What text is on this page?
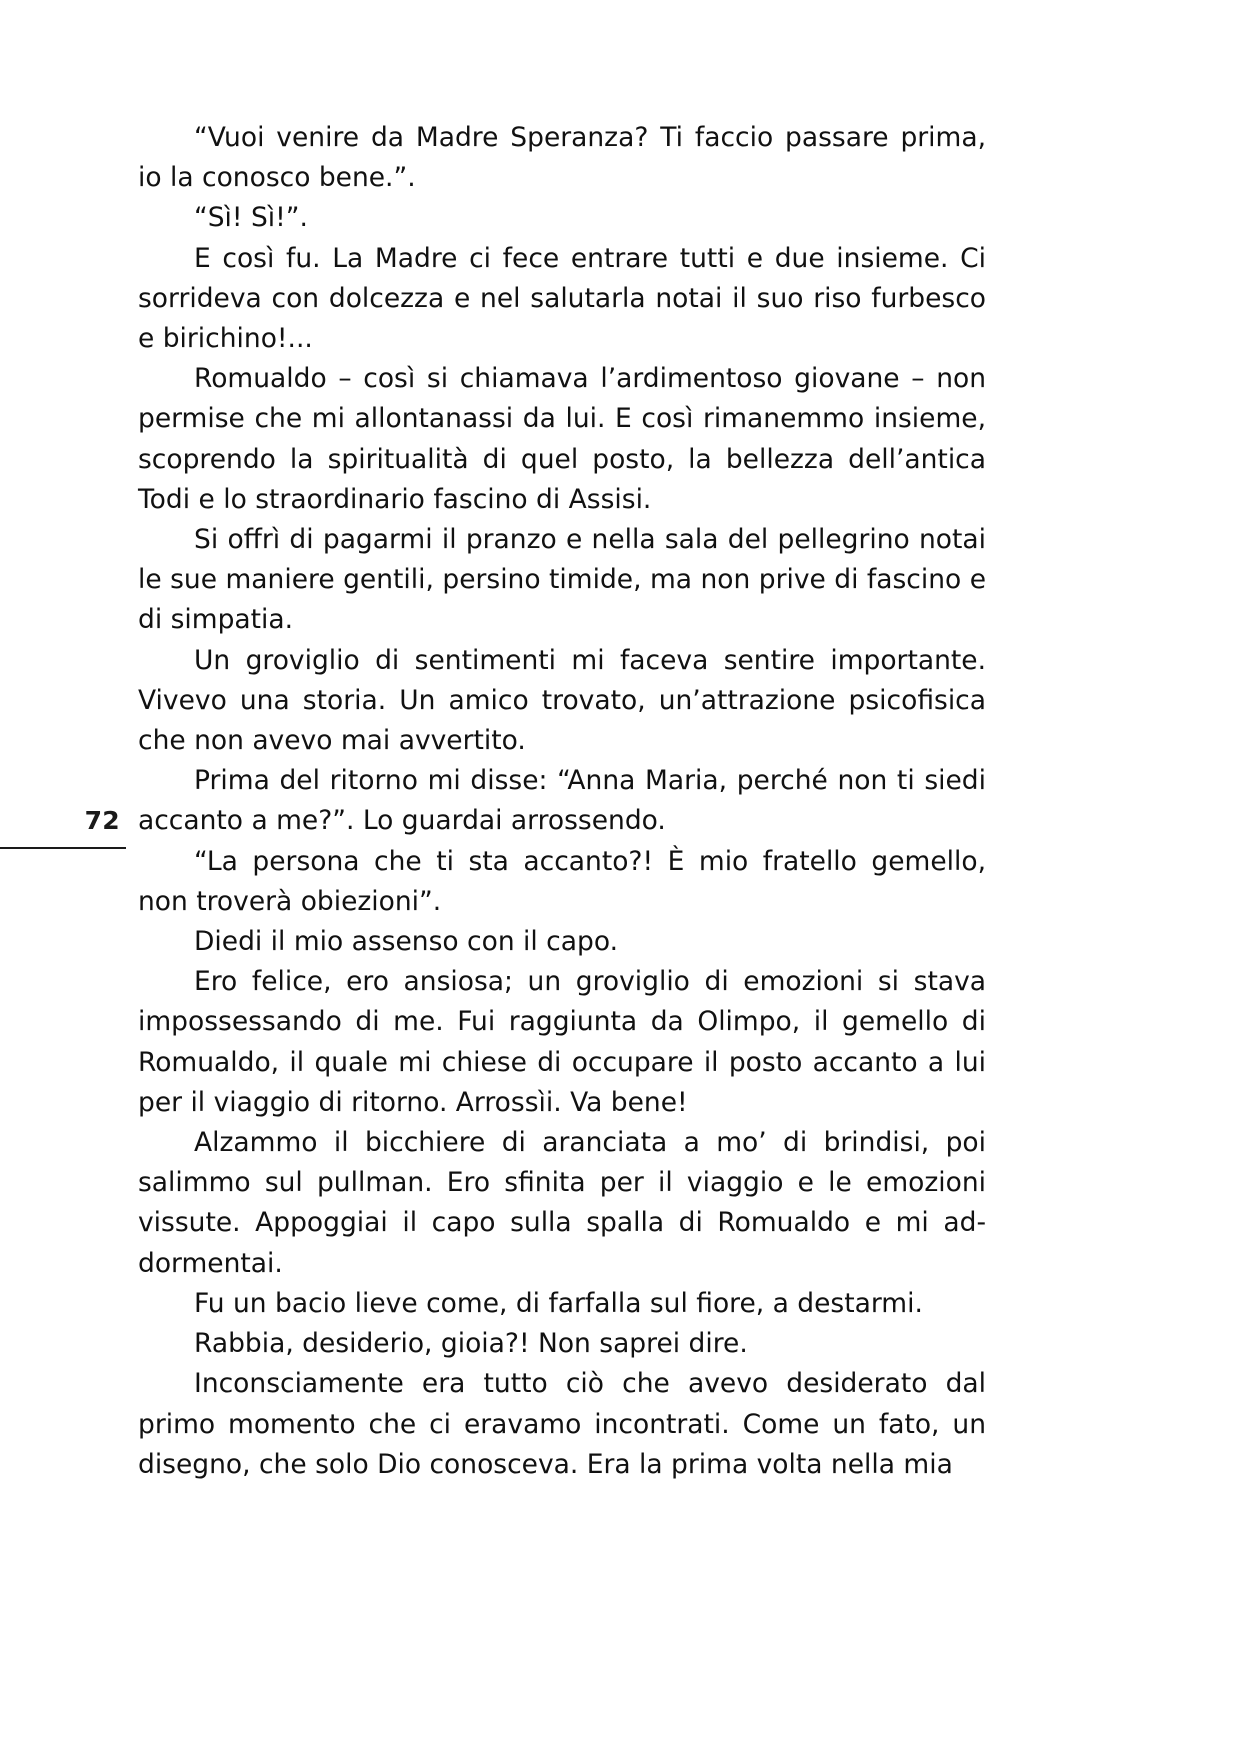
72

“Vuoi venire da Madre Speranza? Ti faccio passare prima, io la conosco bene.”.

“Sì! Sì!”.

E così fu. La Madre ci fece entrare tutti e due insieme. Ci sorrideva con dolcezza e nel salutarla notai il suo riso furbesco e birichino!...

Romualdo – così si chiamava l’ardimentoso giovane – non permise che mi allontanassi da lui. E così rimanemmo insieme, scoprendo la spiritualità di quel posto, la bellezza dell’antica Todi e lo straordinario fascino di Assisi.

Si offrì di pagarmi il pranzo e nella sala del pellegrino notai le sue maniere gentili, persino timide, ma non prive di fascino e di simpatia.

Un groviglio di sentimenti mi faceva sentire importante. Vivevo una storia. Un amico trovato, un’attrazione psicofisica che non avevo mai avvertito.

Prima del ritorno mi disse: “Anna Maria, perché non ti siedi accanto a me?”. Lo guardai arrossendo.

“La persona che ti sta accanto?! È mio fratello gemello, non troverà obiezioni”.

Diedi il mio assenso con il capo.

Ero felice, ero ansiosa; un groviglio di emozioni si stava impossessando di me. Fui raggiunta da Olimpo, il gemello di Romualdo, il quale mi chiese di occupare il posto accanto a lui per il viaggio di ritorno. Arrossìi. Va bene!

Alzammo il bicchiere di aranciata a mo’ di brindisi, poi salimmo sul pullman. Ero sfinita per il viaggio e le emozioni vissute. Appoggiai il capo sulla spalla di Romualdo e mi addormentai.

Fu un bacio lieve come, di farfalla sul fiore, a destarmi.

Rabbia, desiderio, gioia?! Non saprei dire.

Inconsciamente era tutto ciò che avevo desiderato dal primo momento che ci eravamo incontrati. Come un fato, un disegno, che solo Dio conosceva. Era la prima volta nella mia
